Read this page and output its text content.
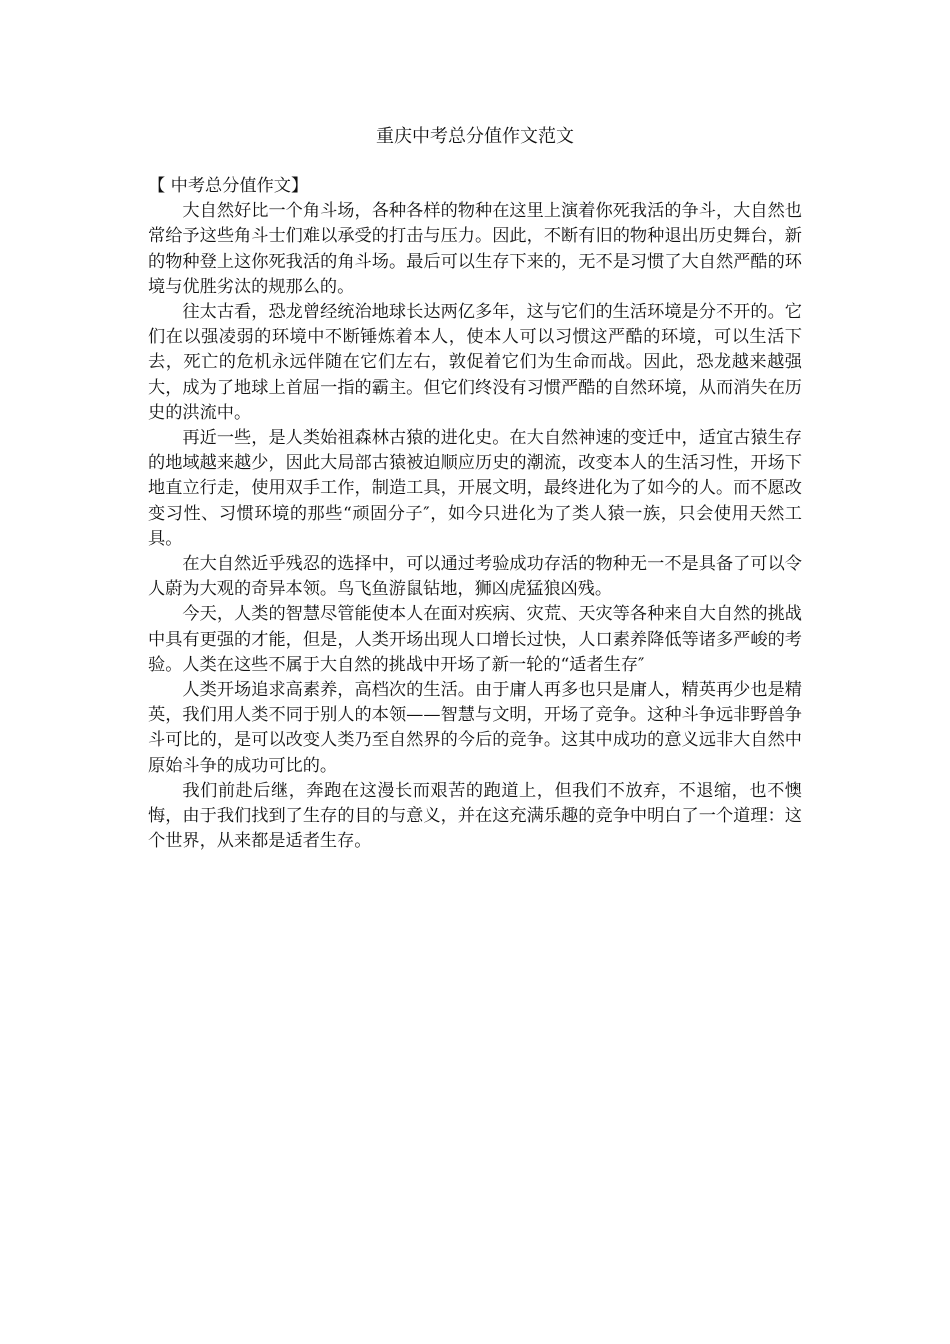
重庆中考总分值作文范文

【 中考总分值作文】

大自然好比一个角斗场，各种各样的物种在这里上演着你死我活的争斗，大自然也常给予这些角斗士们难以承受的打击与压力。因此，不断有旧的物种退出历史舞台，新的物种登上这你死我活的角斗场。最后可以生存下来的，无不是习惯了大自然严酷的环境与优胜劣汰的规那么的。

往太古看，恐龙曾经统治地球长达两亿多年，这与它们的生活环境是分不开的。它们在以强凌弱的环境中不断锤炼着本人，使本人可以习惯这严酷的环境，可以生活下去，死亡的危机永远伴随在它们左右，敦促着它们为生命而战。因此，恐龙越来越强大，成为了地球上首屈一指的霸主。但它们终没有习惯严酷的自然环境，从而消失在历史的洪流中。

再近一些，是人类始祖森林古猿的进化史。在大自然神速的变迁中，适宜古猿生存的地域越来越少，因此大局部古猿被迫顺应历史的潮流，改变本人的生活习性，开场下地直立行走，使用双手工作，制造工具，开展文明，最终进化为了如今的人。而不愿改变习性、习惯环境的那些“顽固分子″，如今只进化为了类人猿一族，只会使用天然工具。

在大自然近乎残忍的选择中，可以通过考验成功存活的物种无一不是具备了可以令人蔚为大观的奇异本领。鸟飞鱼游鼠钻地，狮凶虎猛狼凶残。

今天，人类的智慧尽管能使本人在面对疾病、灾荒、天灾等各种来自大自然的挑战中具有更强的才能，但是，人类开场出现人口增长过快，人口素养降低等诸多严峻的考验。人类在这些不属于大自然的挑战中开场了新一轮的“适者生存″

人类开场追求高素养，高档次的生活。由于庸人再多也只是庸人，精英再少也是精英，我们用人类不同于别人的本领——智慧与文明，开场了竞争。这种斗争远非野兽争斗可比的，是可以改变人类乃至自然界的今后的竞争。这其中成功的意义远非大自然中原始斗争的成功可比的。

我们前赴后继，奔跑在这漫长而艰苦的跑道上，但我们不放弃，不退缩，也不懊悔，由于我们找到了生存的目的与意义，并在这充满乐趣的竞争中明白了一个道理：这个世界，从来都是适者生存。
